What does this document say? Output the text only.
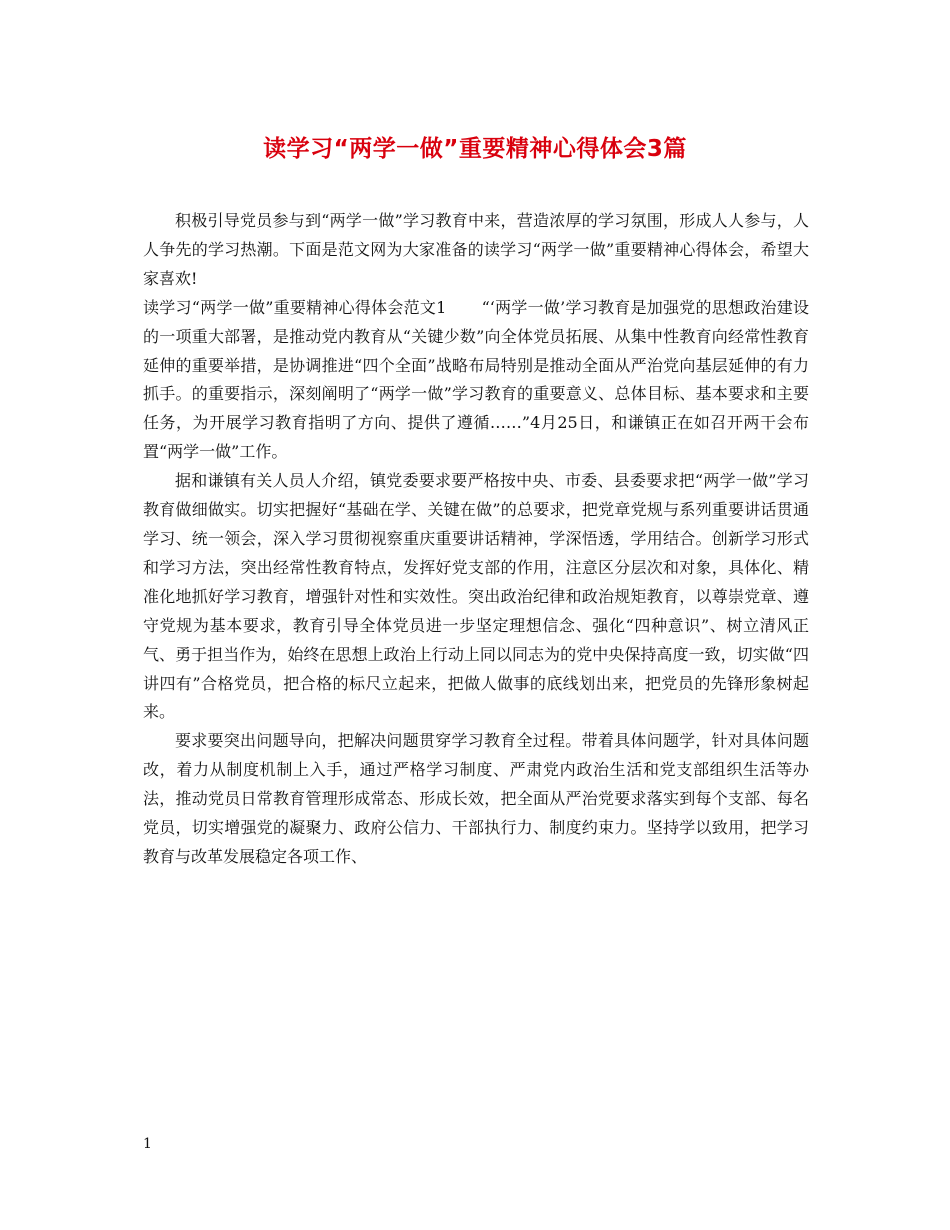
读学习“两学一做”重要精神心得体会3篇

积极引导党员参与到“两学一做”学习教育中来，营造浓厚的学习氛围，形成人人参与，人人争先的学习热潮。下面是范文网为大家准备的读学习“两学一做”重要精神心得体会，希望大家喜欢!

读学习“两学一做”重要精神心得体会范文1 “‘两学一做’学习教育是加强党的思想政治建设的一项重大部署，是推动党内教育从“关键少数”向全体党员拓展、从集中性教育向经常性教育延伸的重要举措，是协调推进“四个全面”战略布局特别是推动全面从严治党向基层延伸的有力抓手。的重要指示，深刻阐明了“两学一做”学习教育的重要意义、总体目标、基本要求和主要任务，为开展学习教育指明了方向、提供了遵循……”4月25日，和谦镇正在如召开两干会布置“两学一做”工作。

据和谦镇有关人员人介绍，镇党委要求要严格按中央、市委、县委要求把“两学一做”学习教育做细做实。切实把握好“基础在学、关键在做”的总要求，把党章党规与系列重要讲话贯通学习、统一领会，深入学习贯彻视察重庆重要讲话精神，学深悟透，学用结合。创新学习形式和学习方法，突出经常性教育特点，发挥好党支部的作用，注意区分层次和对象，具体化、精准化地抓好学习教育，增强针对性和实效性。突出政治纪律和政治规矩教育，以尊崇党章、遵守党规为基本要求，教育引导全体党员进一步坚定理想信念、强化“四种意识”、树立清风正气、勇于担当作为，始终在思想上政治上行动上同以同志为的党中央保持高度一致，切实做“四讲四有”合格党员，把合格的标尺立起来，把做人做事的底线划出来，把党员的先锋形象树起来。

要求要突出问题导向，把解决问题贯穿学习教育全过程。带着具体问题学，针对具体问题改，着力从制度机制上入手，通过严格学习制度、严肃党内政治生活和党支部组织生活等办法，推动党员日常教育管理形成常态、形成长效，把全面从严治党要求落实到每个支部、每名党员，切实增强党的凝聚力、政府公信力、干部执行力、制度约束力。坚持学以致用，把学习教育与改革发展稳定各项工作、

1
